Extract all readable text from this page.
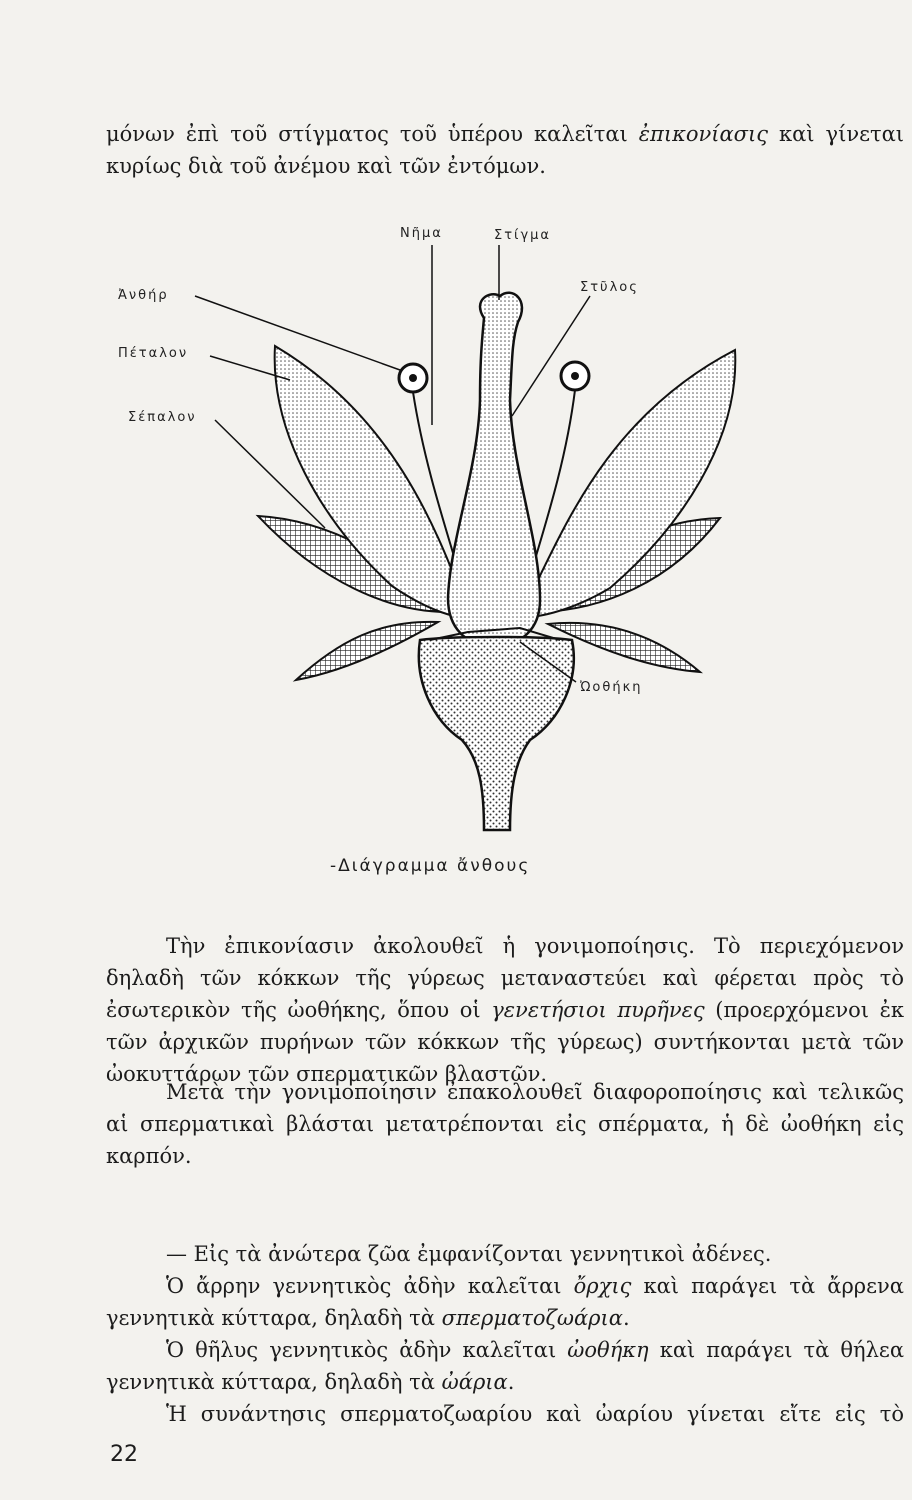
μόνων ἐπὶ τοῦ στίγματος τοῦ ὑπέρου καλεῖται ἐπικονίασις καὶ γίνεται

κυρίως διὰ τοῦ ἀνέμου καὶ τῶν ἐντόμων.

Νῆμα	Στίγμα
Στῦλος
Ἀνθήρ
Πέταλον
Σέπαλον
Ὠοθήκη
-Διάγραμμα ἄνθους

Τὴν ἐπικονίασιν ἀκολουθεῖ ἡ γονιμοποίησις. Τὸ περιεχόμενον δηλαδὴ τῶν κόκκων τῆς γύρεως μεταναστεύει καὶ φέρεται πρὸς τὸ ἐσωτερικὸν τῆς ὠοθήκης, ὅπου οἱ γενετήσιοι πυρῆνες (προερχόμενοι ἐκ τῶν ἀρχικῶν πυρήνων τῶν κόκκων τῆς γύρεως) συντήκονται μετὰ τῶν ὠοκυττάρων τῶν σπερματικῶν βλαστῶν.

Μετὰ τὴν γονιμοποίησιν ἐπακολουθεῖ διαφοροποίησις καὶ τελικῶς αἱ σπερματικαὶ βλάσται μετατρέπονται εἰς σπέρματα, ἡ δὲ ὠοθήκη εἰς καρπόν.

— Εἰς τὰ ἀνώτερα ζῶα ἐμφανίζονται γεννητικοὶ ἀδένες.

Ὁ ἄρρην γεννητικὸς ἀδὴν καλεῖται ὄρχις καὶ παράγει τὰ ἄρρενα γεννητικὰ κύτταρα, δηλαδὴ τὰ σπερματοζωάρια.

Ὁ θῆλυς γεννητικὸς ἀδὴν καλεῖται ὠοθήκη καὶ παράγει τὰ θήλεα γεννητικὰ κύτταρα, δηλαδὴ τὰ ὠάρια.

Ἡ συνάντησις σπερματοζωαρίου καὶ ὠαρίου γίνεται εἴτε εἰς τὸ

22
